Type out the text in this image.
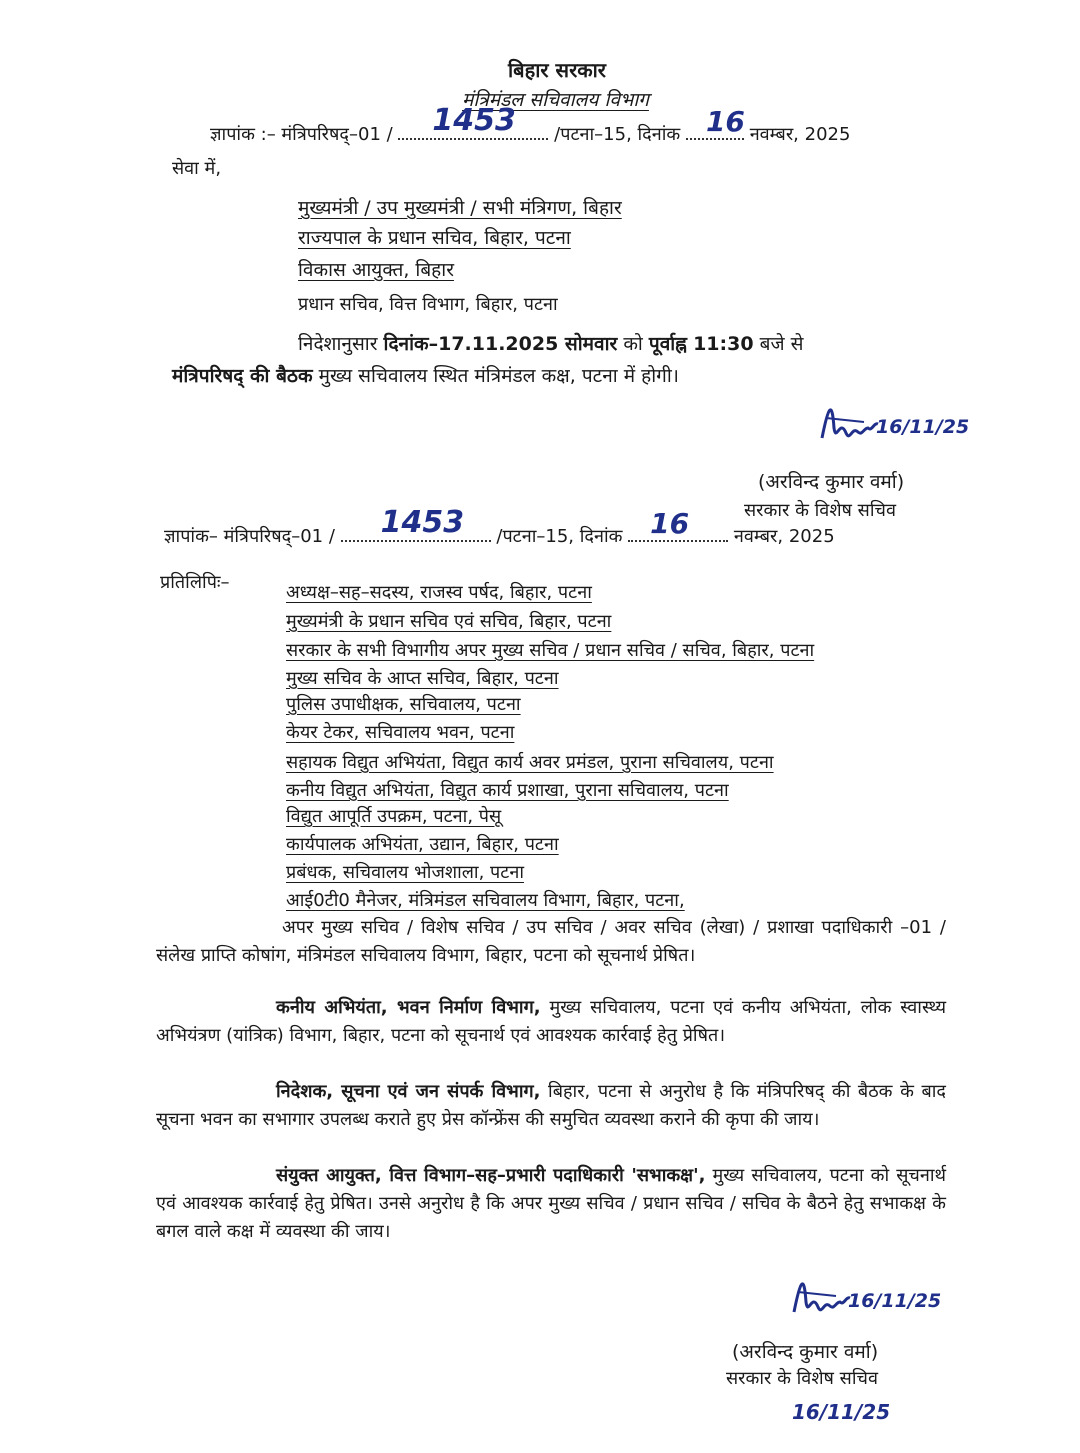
बिहार सरकार
मंत्रिमंडल सचिवालय विभाग
ज्ञापांक :– मंत्रिपरिषद्–01 / 1453 /पटना–15, दिनांक 16 नवम्बर, 2025
सेवा में,
मुख्यमंत्री / उप मुख्यमंत्री / सभी मंत्रिगण, बिहार
राज्यपाल के प्रधान सचिव, बिहार, पटना
विकास आयुक्त, बिहार
प्रधान सचिव, वित्त विभाग, बिहार, पटना
निदेशानुसार दिनांक–17.11.2025 सोमवार को पूर्वाह्न 11:30 बजे से
मंत्रिपरिषद् की बैठक मुख्य सचिवालय स्थित मंत्रिमंडल कक्ष, पटना में होगी।
16/11/25
(अरविन्द कुमार वर्मा)
सरकार के विशेष सचिव
ज्ञापांक– मंत्रिपरिषद्–01 / 1453 /पटना–15, दिनांक 16 नवम्बर, 2025
प्रतिलिपिः–	अध्यक्ष–सह–सदस्य, राजस्व पर्षद, बिहार, पटना
मुख्यमंत्री के प्रधान सचिव एवं सचिव, बिहार, पटना
सरकार के सभी विभागीय अपर मुख्य सचिव / प्रधान सचिव / सचिव, बिहार, पटना
मुख्य सचिव के आप्त सचिव, बिहार, पटना
पुलिस उपाधीक्षक, सचिवालय, पटना
केयर टेकर, सचिवालय भवन, पटना
सहायक विद्युत अभियंता, विद्युत कार्य अवर प्रमंडल, पुराना सचिवालय, पटना
कनीय विद्युत अभियंता, विद्युत कार्य प्रशाखा, पुराना सचिवालय, पटना
विद्युत आपूर्ति उपक्रम, पटना, पेसू
कार्यपालक अभियंता, उद्यान, बिहार, पटना
प्रबंधक, सचिवालय भोजशाला, पटना
आई0टी0 मैनेजर, मंत्रिमंडल सचिवालय विभाग, बिहार, पटना,
अपर मुख्य सचिव / विशेष सचिव / उप सचिव / अवर सचिव (लेखा) / प्रशाखा पदाधिकारी –01 / संलेख प्राप्ति कोषांग, मंत्रिमंडल सचिवालय विभाग, बिहार, पटना को सूचनार्थ प्रेषित।
कनीय अभियंता, भवन निर्माण विभाग, मुख्य सचिवालय, पटना एवं कनीय अभियंता, लोक स्वास्थ्य अभियंत्रण (यांत्रिक) विभाग, बिहार, पटना को सूचनार्थ एवं आवश्यक कार्रवाई हेतु प्रेषित।
निदेशक, सूचना एवं जन संपर्क विभाग, बिहार, पटना से अनुरोध है कि मंत्रिपरिषद् की बैठक के बाद सूचना भवन का सभागार उपलब्ध कराते हुए प्रेस कॉन्फ्रेंस की समुचित व्यवस्था कराने की कृपा की जाय।
संयुक्त आयुक्त, वित्त विभाग–सह–प्रभारी पदाधिकारी 'सभाकक्ष', मुख्य सचिवालय, पटना को सूचनार्थ एवं आवश्यक कार्रवाई हेतु प्रेषित। उनसे अनुरोध है कि अपर मुख्य सचिव / प्रधान सचिव / सचिव के बैठने हेतु सभाकक्ष के बगल वाले कक्ष में व्यवस्था की जाय।
16/11/25
(अरविन्द कुमार वर्मा)
सरकार के विशेष सचिव
16/11/25
